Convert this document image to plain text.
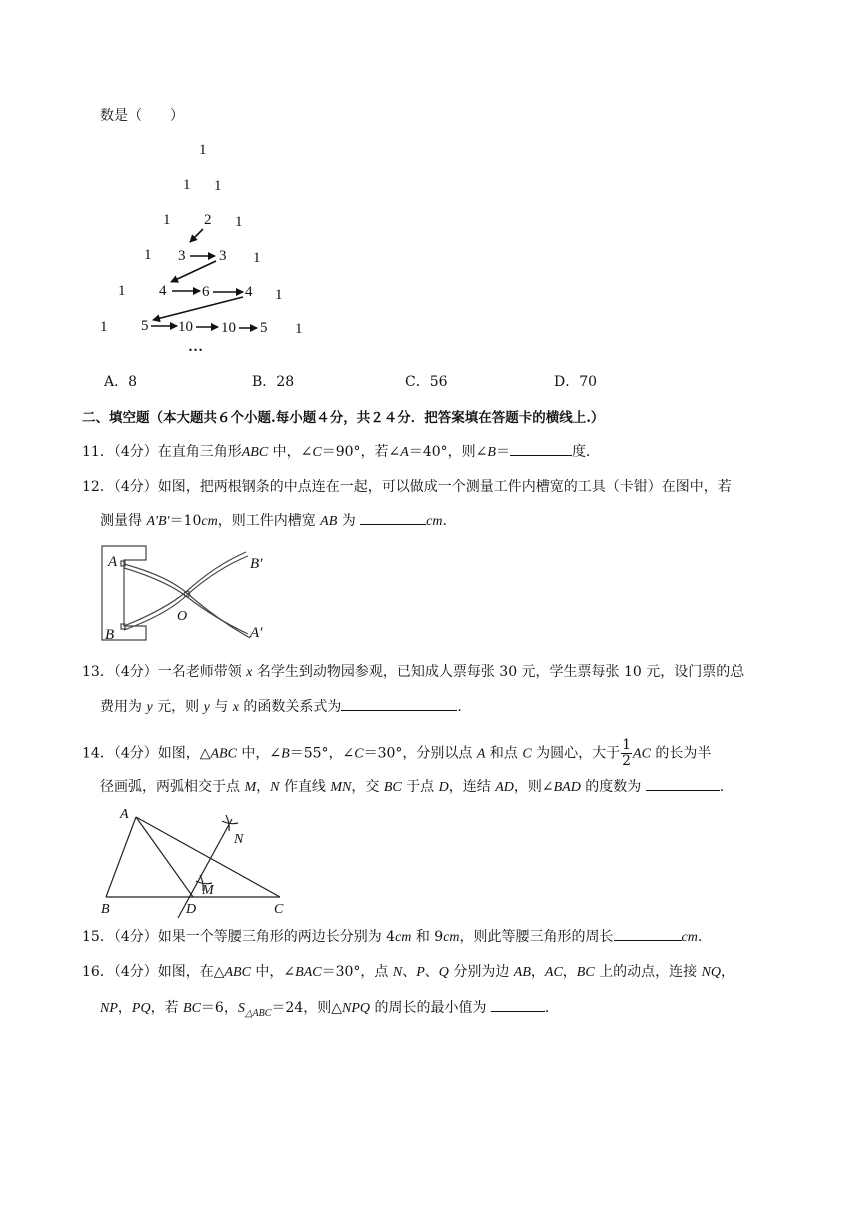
数是（　　）
1
1 1
1 2 1
1 3 3 1
1 4 6 4 1
1 5 10 10 5 1
…
A．8	B．28	C．56	D．70
二、填空题（本大题共６个小题.每小题４分，共２４分．把答案填在答题卡的横线上.）
11．（4分）在直角三角形ABC 中，∠C＝90°，若∠A＝40°，则∠B＝	度.
12．（4分）如图，把两根钢条的中点连在一起，可以做成一个测量工件内槽宽的工具（卡钳）在图中，若
测量得 A'B'＝10cm，则工件内槽宽 AB 为	cm.
A
B
B′
A′
O
13．（4分）一名老师带领 x 名学生到动物园参观，已知成人票每张 30 元，学生票每张 10 元，设门票的总
费用为 y 元，则 y 与 x 的函数关系式为	.
14．（4分）如图，△ABC 中，∠B＝55°，∠C＝30°，分别以点 A 和点 C 为圆心，大于 $\frac{1}{2}$ AC 的长为半
径画弧，两弧相交于点 M，N 作直线 MN，交 BC 于点 D，连结 AD，则∠BAD 的度数为	.
A
B	C
D
M
N
15．（4分）如果一个等腰三角形的两边长分别为 4cm 和 9cm，则此等腰三角形的周长	cm.
16．（4分）如图，在△ABC 中，∠BAC＝30°，点 N、P、Q 分别为边 AB，AC，BC 上的动点，连接 NQ，
NP，PQ，若 BC＝6，$S_{\triangle ABC}=24$，则△NPQ 的周长的最小值为	.
